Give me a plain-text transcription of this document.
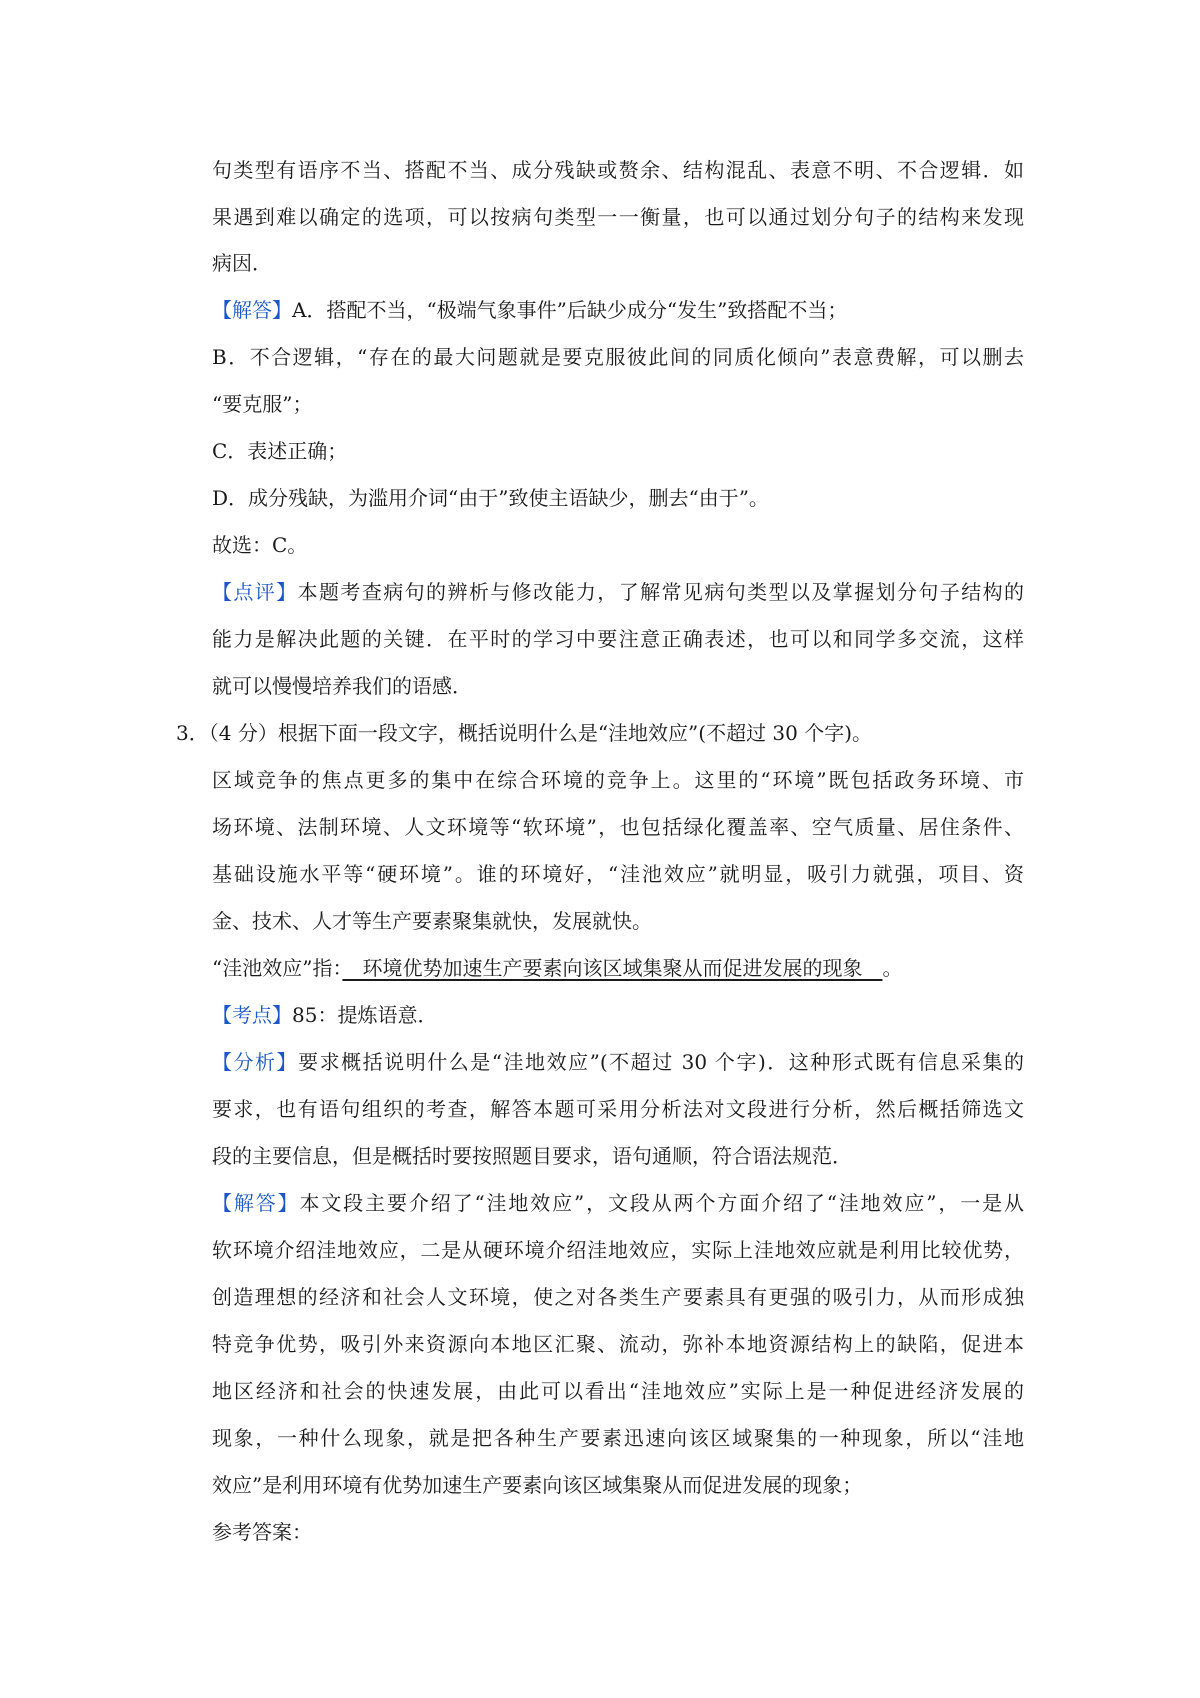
句类型有语序不当、搭配不当、成分残缺或赘余、结构混乱、表意不明、不合逻辑．如
果遇到难以确定的选项，可以按病句类型一一衡量，也可以通过划分句子的结构来发现
病因．
【解答】A．搭配不当，“极端气象事件”后缺少成分“发生”致搭配不当；
B．不合逻辑，“存在的最大问题就是要克服彼此间的同质化倾向”表意费解，可以删去
“要克服”；
C．表述正确；
D．成分残缺，为滥用介词“由于”致使主语缺少，删去“由于”。
故选：C。
【点评】本题考查病句的辨析与修改能力，了解常见病句类型以及掌握划分句子结构的
能力是解决此题的关键．在平时的学习中要注意正确表述，也可以和同学多交流，这样
就可以慢慢培养我们的语感．
3．（4 分）根据下面一段文字，概括说明什么是“洼地效应”(不超过 30 个字)。
区域竞争的焦点更多的集中在综合环境的竞争上。这里的“环境”既包括政务环境、市
场环境、法制环境、人文环境等“软环境”，也包括绿化覆盖率、空气质量、居住条件、
基础设施水平等“硬环境”。谁的环境好，“洼池效应”就明显，吸引力就强，项目、资
金、技术、人才等生产要素聚集就快，发展就快。
“洼池效应”指：　环境优势加速生产要素向该区域集聚从而促进发展的现象　。
【考点】85：提炼语意．
【分析】要求概括说明什么是“洼地效应”(不超过 30 个字)．这种形式既有信息采集的
要求，也有语句组织的考查，解答本题可采用分析法对文段进行分析，然后概括筛选文
段的主要信息，但是概括时要按照题目要求，语句通顺，符合语法规范．
【解答】本文段主要介绍了“洼地效应”，文段从两个方面介绍了“洼地效应”，一是从
软环境介绍洼地效应，二是从硬环境介绍洼地效应，实际上洼地效应就是利用比较优势，
创造理想的经济和社会人文环境，使之对各类生产要素具有更强的吸引力，从而形成独
特竞争优势，吸引外来资源向本地区汇聚、流动，弥补本地资源结构上的缺陷，促进本
地区经济和社会的快速发展，由此可以看出“洼地效应”实际上是一种促进经济发展的
现象，一种什么现象，就是把各种生产要素迅速向该区域聚集的一种现象，所以“洼地
效应”是利用环境有优势加速生产要素向该区域集聚从而促进发展的现象；
参考答案：
